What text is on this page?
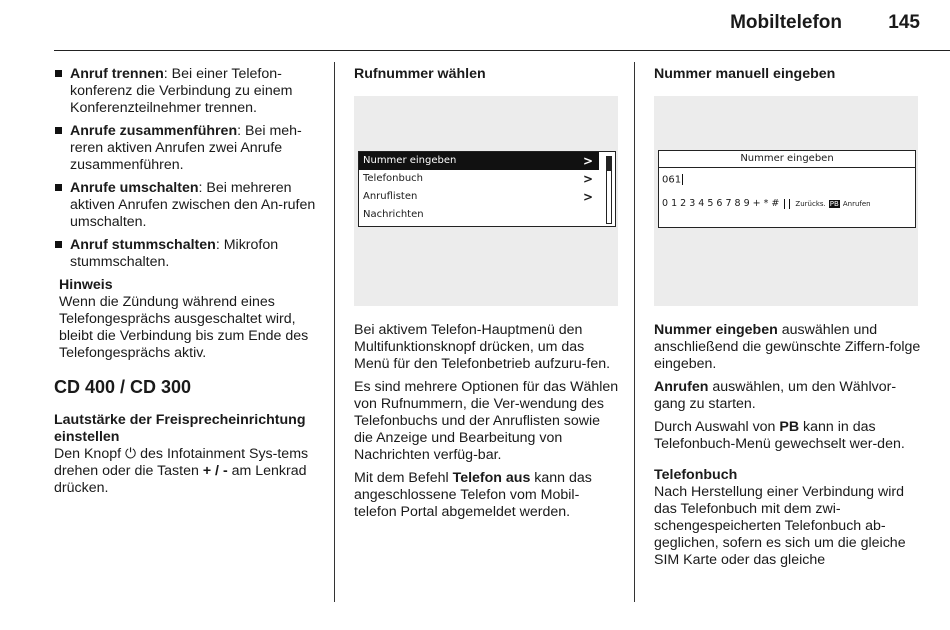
Mobiltelefon 145
Anruf trennen: Bei einer Telefon-konferenz die Verbindung zu einem Konferenzteilnehmer trennen.
Anrufe zusammenführen: Bei meh-reren aktiven Anrufen zwei Anrufe zusammenführen.
Anrufe umschalten: Bei mehreren aktiven Anrufen zwischen den An-rufen umschalten.
Anruf stummschalten: Mikrofon stummschalten.

Hinweis

Wenn die Zündung während eines Telefongesprächs ausgeschaltet wird, bleibt die Verbindung bis zum Ende des Telefongesprächs aktiv.

CD 400 / CD 300

Lautstärke der Freisprecheinrichtung einstellen

Den Knopf ⏻ des Infotainment Sys-tems drehen oder die Tasten + / - am Lenkrad drücken.

Rufnummer wählen

Nummer eingeben	>
Telefonbuch	>
Anruflisten	>
Nachrichten

Bei aktivem Telefon-Hauptmenü den Multifunktionsknopf drücken, um das Menü für den Telefonbetrieb aufzuru-fen.

Es sind mehrere Optionen für das Wählen von Rufnummern, die Ver-wendung des Telefonbuchs und der Anruflisten sowie die Anzeige und Bearbeitung von Nachrichten verfüg-bar.

Mit dem Befehl Telefon aus kann das angeschlossene Telefon vom Mobil-telefon Portal abgemeldet werden.

Nummer manuell eingeben

Nummer eingeben
061
0 1 2 3 4 5 6 7 8 9 + * # Zurücks. PB Anrufen

Nummer eingeben auswählen und anschließend die gewünschte Ziffern-folge eingeben.

Anrufen auswählen, um den Wählvor-gang zu starten.

Durch Auswahl von PB kann in das Telefonbuch-Menü gewechselt wer-den.

Telefonbuch

Nach Herstellung einer Verbindung wird das Telefonbuch mit dem zwi-schengespeicherten Telefonbuch ab-geglichen, sofern es sich um die gleiche SIM Karte oder das gleiche
